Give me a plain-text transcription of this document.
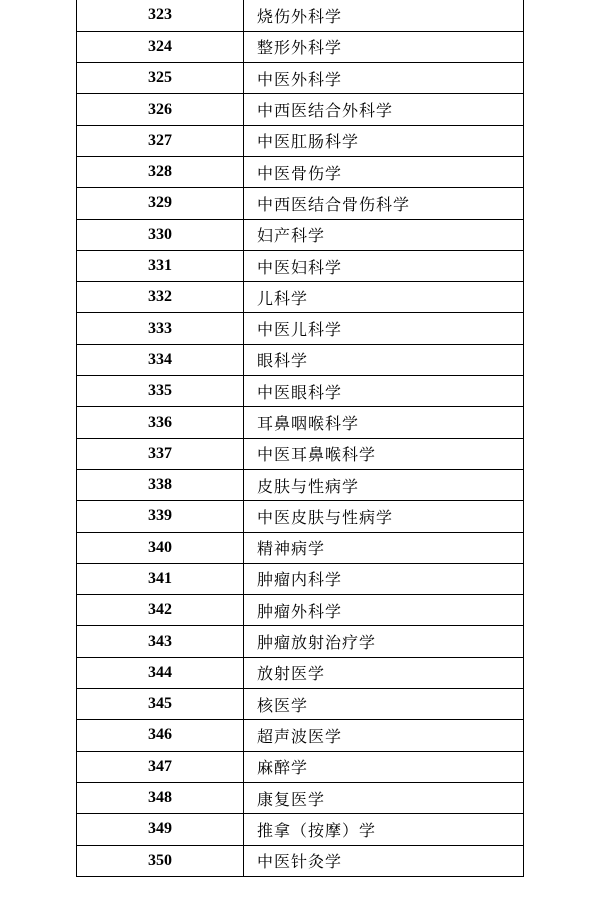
323	烧伤外科学
324	整形外科学
325	中医外科学
326	中西医结合外科学
327	中医肛肠科学
328	中医骨伤学
329	中西医结合骨伤科学
330	妇产科学
331	中医妇科学
332	儿科学
333	中医儿科学
334	眼科学
335	中医眼科学
336	耳鼻咽喉科学
337	中医耳鼻喉科学
338	皮肤与性病学
339	中医皮肤与性病学
340	精神病学
341	肿瘤内科学
342	肿瘤外科学
343	肿瘤放射治疗学
344	放射医学
345	核医学
346	超声波医学
347	麻醉学
348	康复医学
349	推拿（按摩）学
350	中医针灸学
